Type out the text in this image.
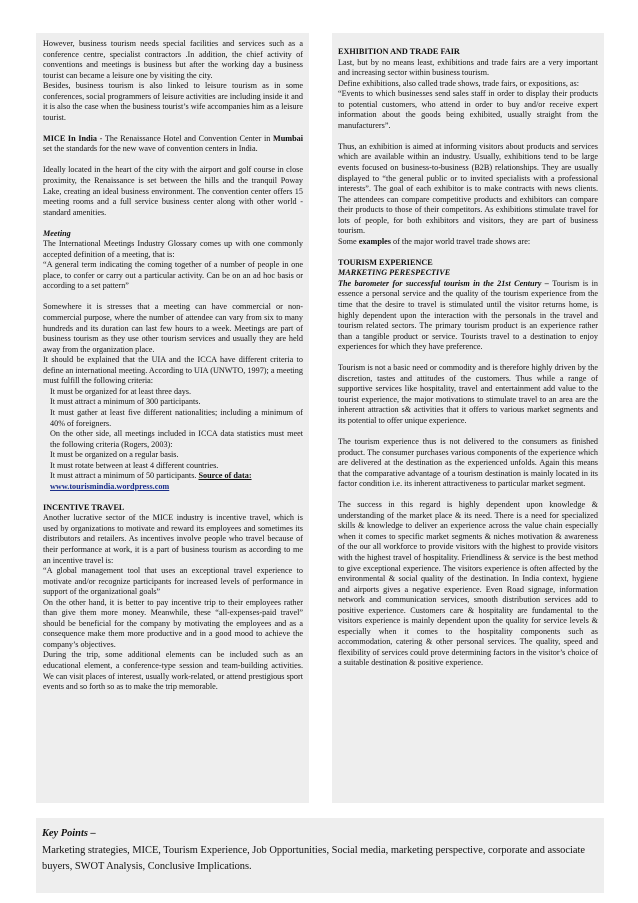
However, business tourism needs special facilities and services such as a conference centre, specialist contractors .In addition, the chief activity of conventions and meetings is business but after the working day a business tourist can became a leisure one by visiting the city.

Besides, business tourism is also linked to leisure tourism as in some conferences, social programmers of leisure activities are including inside it and it is also the case when the business tourist’s wife accompanies him as a leisure tourist.

MICE In India - The Renaissance Hotel and Convention Center in Mumbai set the standards for the new wave of convention centers in India.

Ideally located in the heart of the city with the airport and golf course in close proximity, the Renaissance is set between the hills and the tranquil Poway Lake, creating an ideal business environment. The convention center offers 15 meeting rooms and a full service business center along with other world -standard amenities.

Meeting

The International Meetings Industry Glossary comes up with one commonly accepted definition of a meeting, that is:

“A general term indicating the coming together of a number of people in one place, to confer or carry out a particular activity. Can be on an ad hoc basis or according to a set pattern”

Somewhere it is stresses that a meeting can have commercial or non-commercial purpose, where the number of attendee can vary from six to many hundreds and its duration can last few hours to a week. Meetings are part of business tourism as they use other tourism services and usually they are held away from the organization place.

It should be explained that the UIA and the ICCA have different criteria to define an international meeting. According to UIA (UNWTO, 1997); a meeting must fulfill the following criteria:

● It must be organized for at least three days.
● It must attract a minimum of 300 participants.
● It must gather at least five different nationalities; including a minimum of 40% of foreigners.
● On the other side, all meetings included in ICCA data statistics must meet the following criteria (Rogers, 2003):
● It must be organized on a regular basis.
● It must rotate between at least 4 different countries.
● It must attract a minimum of 50 participants. Source of data:
www.tourismindia.wordpress.com

INCENTIVE TRAVEL

Another lucrative sector of the MICE industry is incentive travel, which is used by organizations to motivate and reward its employees and sometimes its distributors and retailers. As incentives involve people who travel because of their performance at work, it is a part of business tourism as according to me an incentive travel is:

“A global management tool that uses an exceptional travel experience to motivate and/or recognize participants for increased levels of performance in support of the organizational goals”

On the other hand, it is better to pay incentive trip to their employees rather than give them more money. Meanwhile, these “all-expenses-paid travel” should be beneficial for the company by motivating the employees and as a consequence make them more productive and in a good mood to achieve the company’s objectives.

During the trip, some additional elements can be included such as an educational element, a conference-type session and team-building activities. We can visit places of interest, usually work-related, or attend prestigious sport events and so forth so as to make the trip memorable.

EXHIBITION AND TRADE FAIR

Last, but by no means least, exhibitions and trade fairs are a very important and increasing sector within business tourism.

Define exhibitions, also called trade shows, trade fairs, or expositions, as:

“Events to which businesses send sales staff in order to display their products to potential customers, who attend in order to buy and/or receive expert information about the goods being exhibited, usually straight from the manufacturers”.

Thus, an exhibition is aimed at informing visitors about products and services which are available within an industry. Usually, exhibitions tend to be large events focused on business-to-business (B2B) relationships. They are usually displayed to “the general public or to invited specialists with a professional interests”. The goal of each exhibitor is to make contracts with news clients. The attendees can compare competitive products and exhibitors can compare their products to those of their competitors. As exhibitions stimulate travel for lots of people, for both exhibitors and visitors, they are part of business tourism.

Some examples of the major world travel trade shows are:

TOURISM EXPERIENCE

MARKETING PERESPECTIVE

The barometer for successful tourism in the 21st Century – Tourism is in essence a personal service and the quality of the tourism experience from the time that the desire to travel is stimulated until the visitor returns home, is highly dependent upon the interaction with the personals in the travel and tourism related sectors. The primary tourism product is an experience rather than a tangible product or service. Tourists travel to a destination to enjoy experiences for which they have preference.

Tourism is not a basic need or commodity and is therefore highly driven by the discretion, tastes and attitudes of the customers. Thus while a range of supportive services like hospitality, travel and entertainment add value to the tourist experience, the major motivations to stimulate travel to an area are the inherent attraction s& activities that it offers to various market segments and its potential to offer unique experience.

The tourism experience thus is not delivered to the consumers as finished product. The consumer purchases various components of the experience which are delivered at the destination as the experienced unfolds. Again this means that the comparative advantage of a tourism destination is mainly located in its factor condition i.e. its inherent attractiveness to particular market segment.

The success in this regard is highly dependent upon knowledge & understanding of the market place & its need. There is a need for specialized skills & knowledge to deliver an experience across the value chain especially when it comes to specific market segments & niches motivation & awareness of the our all workforce to provide visitors with the highest to provide visitors with the highest travel of hospitality. Friendliness & service is the best method to give exceptional experience. The visitors experience is often affected by the environmental & social quality of the destination. In India context, hygiene and airports gives a negative experience. Even Road signage, information network and communication services, smooth distribution services add to positive experience. Customers care & hospitality are fundamental to the visitors experience is mainly dependent upon the quality for service levels & especially when it comes to the hospitality components such as accommodation, catering & other personal services. The quality, speed and flexibility of services could prove determining factors in the visitor’s choice of a suitable destination & positive experience.

Key Points –
Marketing strategies, MICE, Tourism Experience, Job Opportunities, Social media, marketing perspective, corporate and associate buyers, SWOT Analysis, Conclusive Implications.
